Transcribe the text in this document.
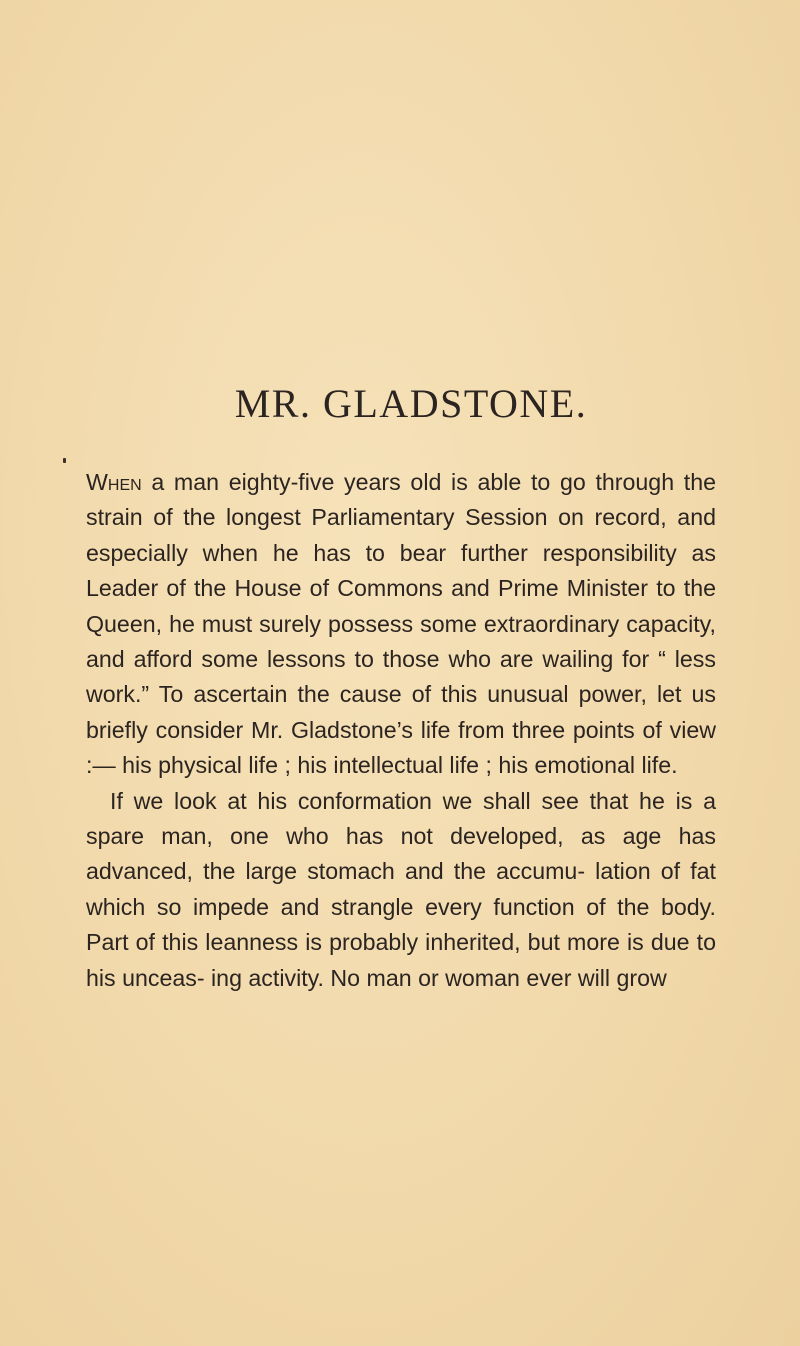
MR. GLADSTONE.

When a man eighty-five years old is able to go through the strain of the longest Parliamentary Session on record, and especially when he has to bear further responsibility as Leader of the House of Commons and Prime Minister to the Queen, he must surely possess some extraordinary capacity, and afford some lessons to those who are wailing for “ less work.” To ascertain the cause of this unusual power, let us briefly consider Mr. Gladstone’s life from three points of view :— his physical life ; his intellectual life ; his emotional life.

If we look at his conformation we shall see that he is a spare man, one who has not developed, as age has advanced, the large stomach and the accumu- lation of fat which so impede and strangle every function of the body. Part of this leanness is probably inherited, but more is due to his unceas- ing activity. No man or woman ever will grow
